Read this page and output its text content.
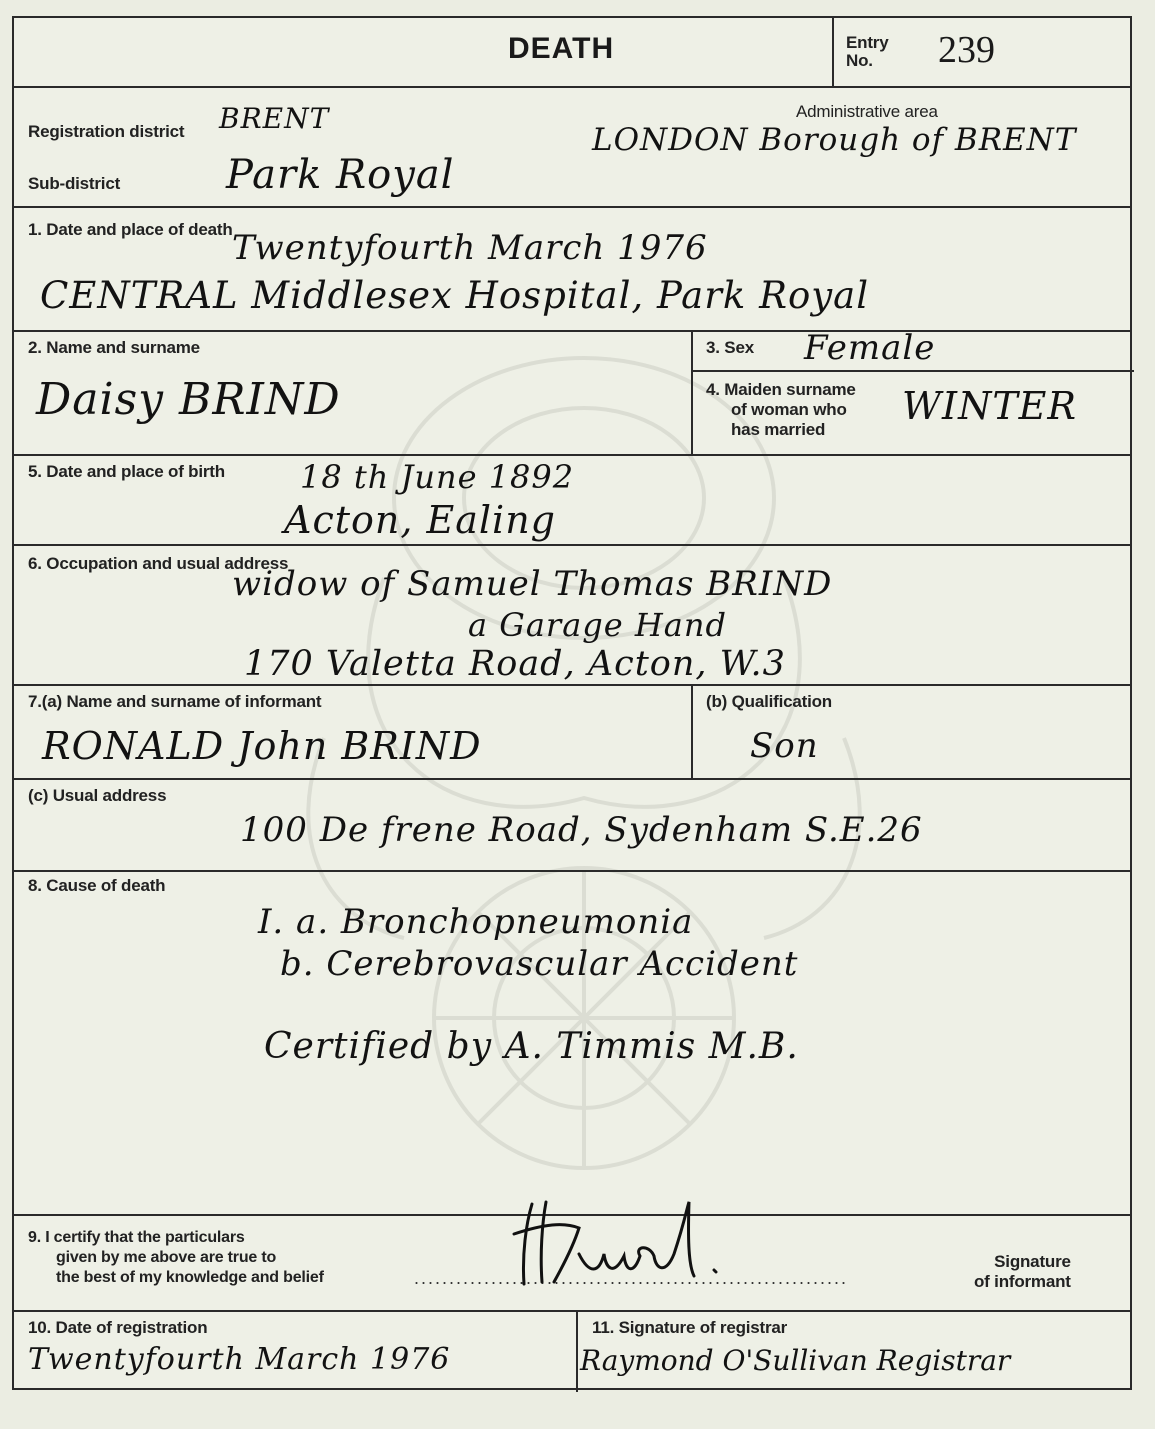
DEATH	Entry
No.	239
Registration district BRENT
Sub-district	Park Royal
Administrative area
LONDON Borough of BRENT
1. Date and place of death Twentyfourth March 1976
CENTRAL Middlesex Hospital, Park Royal
2. Name and surname
Daisy BRIND
3. Sex Female
4. Maiden surname
of woman who
has married
WINTER
5. Date and place of birth 18 th June 1892
Acton, Ealing
6. Occupation and usual address
widow of Samuel Thomas BRIND
a Garage Hand
170 Valetta Road, Acton, W.3
7.(a) Name and surname of informant
RONALD John BRIND
(b) Qualification
Son
(c) Usual address
100 De frene Road, Sydenham S.E.26
8. Cause of death
I. a. Bronchopneumonia
b. Cerebrovascular Accident
Certified by A. Timmis M.B.
9. I certify that the particulars
given by me above are true to
the best of my knowledge and belief	..............................................................
Signature
of informant
10. Date of registration
Twentyfourth March 1976
11. Signature of registrar
Raymond O'Sullivan Registrar
